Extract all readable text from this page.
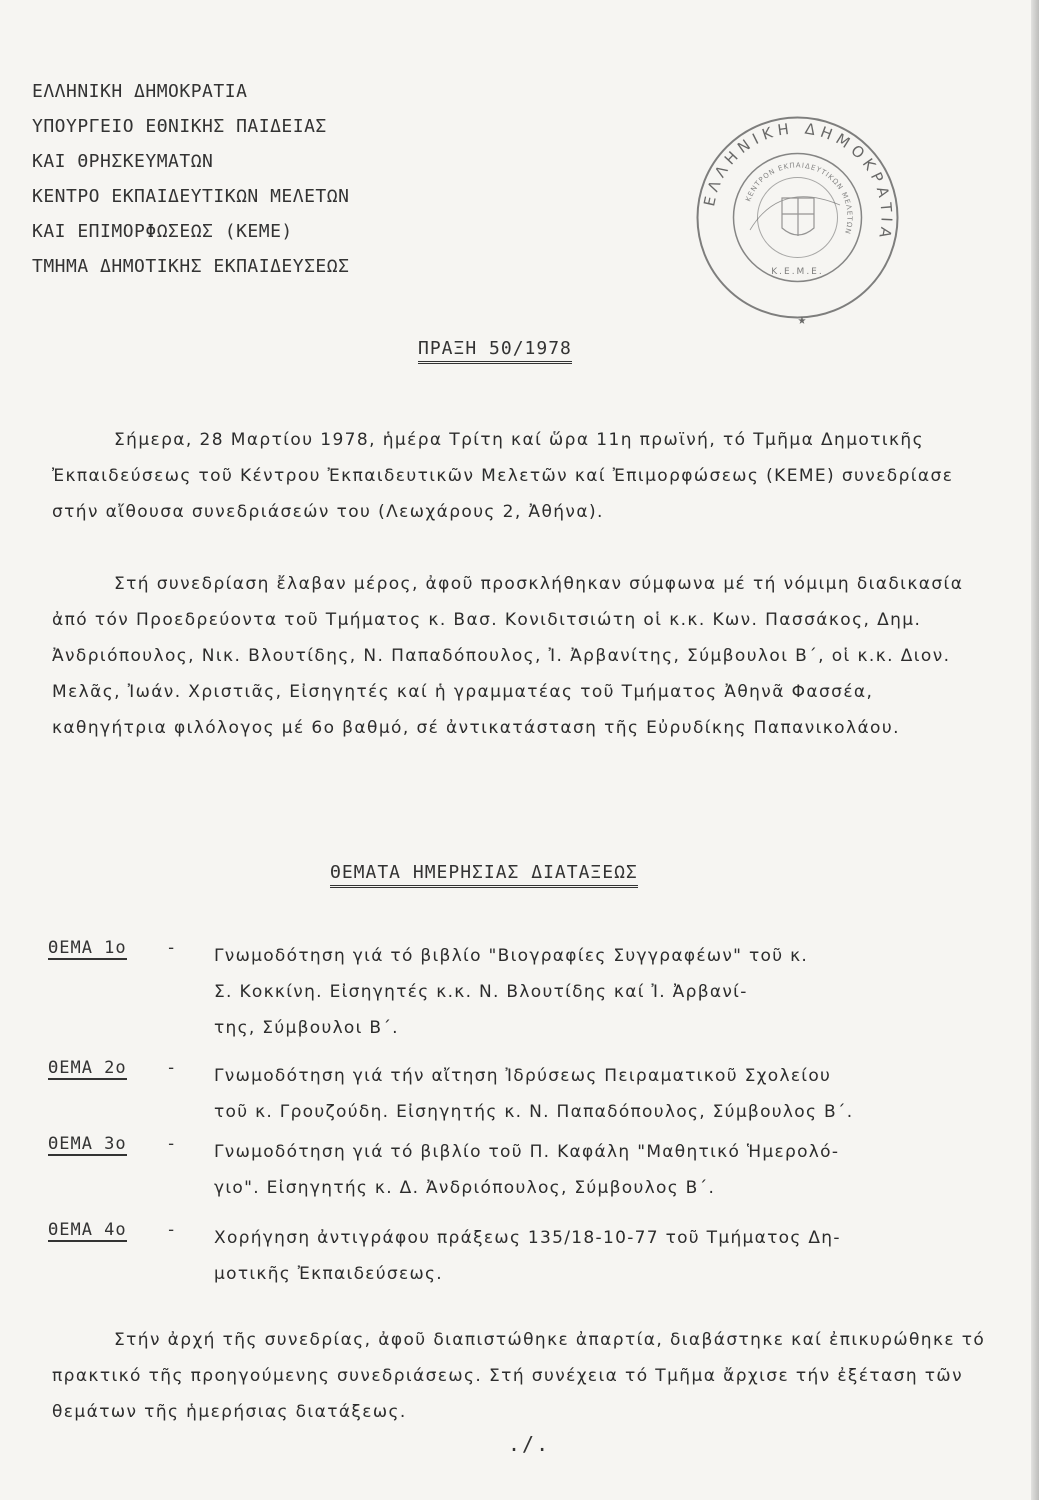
ΕΛΛΗΝΙΚΗ ΔΗΜΟΚΡΑΤΙΑ
ΥΠΟΥΡΓΕΙΟ ΕΘΝΙΚΗΣ ΠΑΙΔΕΙΑΣ
ΚΑΙ ΘΡΗΣΚΕΥΜΑΤΩΝ
ΚΕΝΤΡΟ ΕΚΠΑΙΔΕΥΤΙΚΩΝ ΜΕΛΕΤΩΝ
ΚΑΙ ΕΠΙΜΟΡΦΩΣΕΩΣ (ΚΕΜΕ)
ΤΜΗΜΑ ΔΗΜΟΤΙΚΗΣ ΕΚΠΑΙΔΕΥΣΕΩΣ
ΕΛΛΗΝΙΚΗ ΔΗΜΟΚΡΑΤΙΑ
ΚΕΝΤΡΟΝ ΕΚΠΑΙΔΕΥΤΙΚΩΝ ΜΕΛΕΤΩΝ
Κ.Ε.Μ.Ε.
★
ΠΡΑΞΗ 50/1978

Σήμερα, 28 Μαρτίου 1978, ἡμέρα Τρίτη καί ὥρα 11η πρωϊνή, τό Τμῆμα Δημοτικῆς Ἐκπαιδεύσεως τοῦ Κέντρου Ἐκπαιδευτικῶν Μελετῶν καί Ἐπιμορφώσεως (ΚΕΜΕ) συνεδρίασε στήν αἴθουσα συνεδριάσεών του (Λεωχάρους 2, Ἀθήνα).

Στή συνεδρίαση ἔλαβαν μέρος, ἀφοῦ προσκλήθηκαν σύμφωνα μέ τή νόμιμη διαδικασία ἀπό τόν Προεδρεύοντα τοῦ Τμήματος κ. Βασ. Κονιδιτσιώτη οἱ κ.κ. Κων. Πασσάκος, Δημ. Ἀνδριόπουλος, Νικ. Βλουτίδης, Ν. Παπαδόπουλος, Ἰ. Ἀρβανίτης, Σύμβουλοι Β΄, οἱ κ.κ. Διον. Μελᾶς, Ἰωάν. Χριστιᾶς, Εἰσηγητές καί ἡ γραμματέας τοῦ Τμήματος Ἀθηνᾶ Φασσέα, καθηγήτρια φιλόλογος μέ 6ο βαθμό, σέ ἀντικατάσταση τῆς Εὐρυδίκης Παπανικολάου.

ΘΕΜΑΤΑ ΗΜΕΡΗΣΙΑΣ ΔΙΑΤΑΞΕΩΣ
ΘΕΜΑ 1ο - Γνωμοδότηση γιά τό βιβλίο "Βιογραφίες Συγγραφέων" τοῦ κ.
Σ. Κοκκίνη. Εἰσηγητές κ.κ. Ν. Βλουτίδης καί Ἰ. Ἀρβανί-
της, Σύμβουλοι Β΄.

ΘΕΜΑ 2ο - Γνωμοδότηση γιά τήν αἴτηση Ἰδρύσεως Πειραματικοῦ Σχολείου
τοῦ κ. Γρουζούδη. Εἰσηγητής κ. Ν. Παπαδόπουλος, Σύμβουλος Β΄.

ΘΕΜΑ 3ο - Γνωμοδότηση γιά τό βιβλίο τοῦ Π. Καφάλη "Μαθητικό Ἡμερολό-
γιο". Εἰσηγητής κ. Δ. Ἀνδριόπουλος, Σύμβουλος Β΄.

ΘΕΜΑ 4ο - Χορήγηση ἀντιγράφου πράξεως 135/18-10-77 τοῦ Τμήματος Δη-
μοτικῆς Ἐκπαιδεύσεως.

Στήν ἀρχή τῆς συνεδρίας, ἀφοῦ διαπιστώθηκε ἀπαρτία, διαβάστηκε καί ἐπικυρώθηκε τό πρακτικό τῆς προηγούμενης συνεδριάσεως. Στή συνέχεια τό Τμῆμα ἄρχισε τήν ἐξέταση τῶν θεμάτων τῆς ἡμερήσιας διατάξεως.

./.
